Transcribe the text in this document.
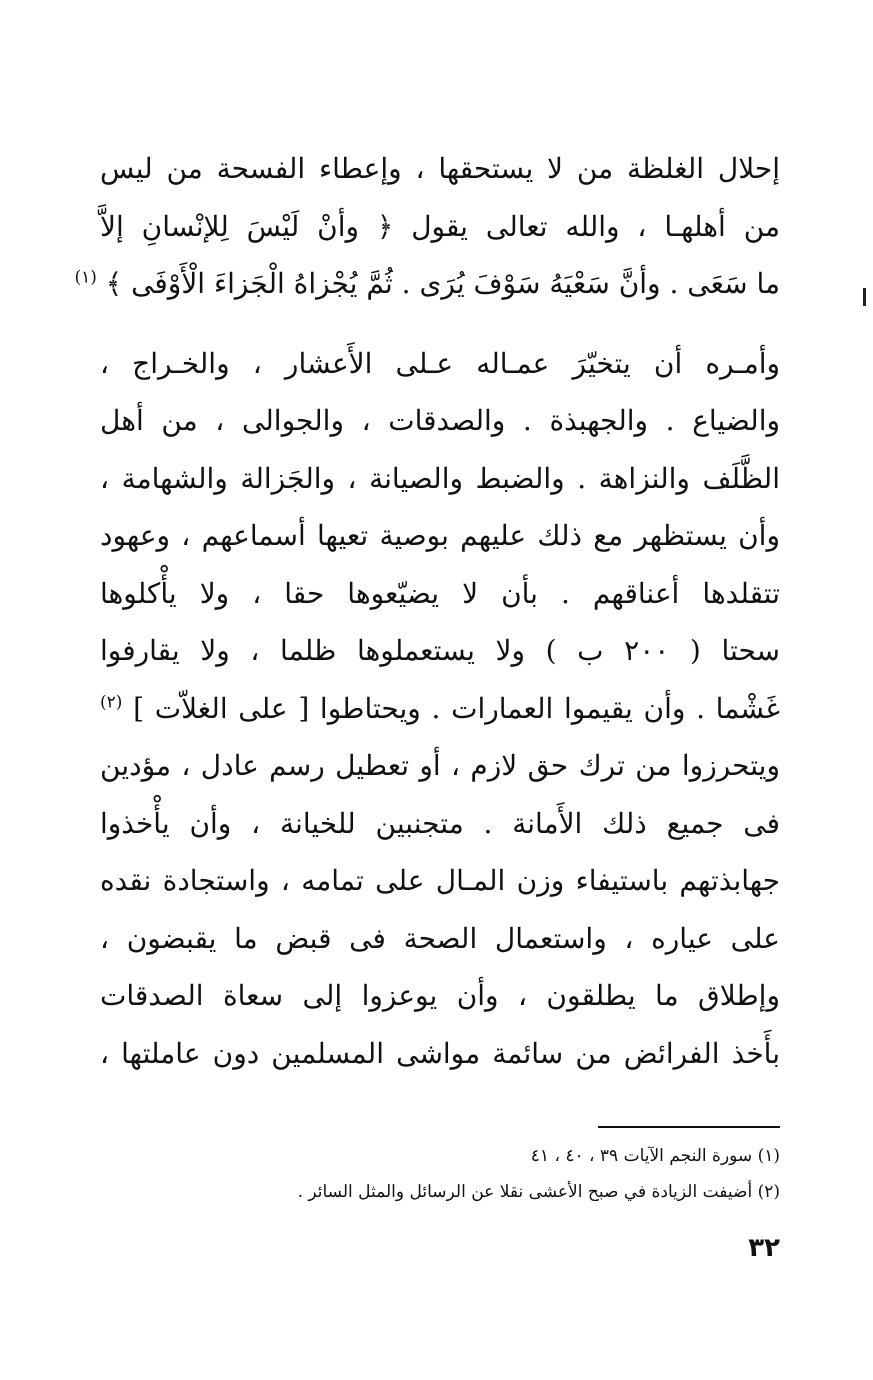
إحلال الغلظة من لا يستحقها ، وإعطاء الفسحة من ليس
من أهلهـا ، والله تعالى يقول ﴿ وأنْ لَيْسَ لِلإنْسانِ إلاَّ
ما سَعَى . وأنَّ سَعْيَهُ سَوْفَ يُرَى . ثُمَّ يُجْزاهُ الْجَزاءَ الْأَوْفَى ﴾ $^{(١)}$

وأمـره أن يتخيّرَ عمـاله عـلى الأَعشار ، والخـراج ،
والضياع . والجهبذة . والصدقات ، والجوالى ، من أهل
الظَّلَف والنزاهة . والضبط والصيانة ، والجَزالة والشهامة ،
وأن يستظهر مع ذلك عليهم بوصية تعيها أسماعهم ، وعهود
تتقلدها أعناقهم . بأن لا يضيّعوها حقا ، ولا يأْكلوها
سحتا ( ٢٠٠ ب ) ولا يستعملوها ظلما ، ولا يقارفوا
غَشْما . وأن يقيموا العمارات . ويحتاطوا [ على الغلاّت ] $^{(٢)}$
ويتحرزوا من ترك حق لازم ، أو تعطيل رسم عادل ، مؤدين
فى جميع ذلك الأَمانة . متجنبين للخيانة ، وأن يأْخذوا
جهابذتهم باستيفاء وزن المـال على تمامه ، واستجادة نقده
على عياره ، واستعمال الصحة فى قبض ما يقبضون ،
وإطلاق ما يطلقون ، وأن يوعزوا إلى سعاة الصدقات
بأَخذ الفرائض من سائمة مواشى المسلمين دون عاملتها ،

(١) سورة النجم الآيات ٣٩ ، ٤٠ ، ٤١
(٢) أضيفت الزيادة في صبح الأعشى نقلا عن الرسائل والمثل السائر .
٣٢
